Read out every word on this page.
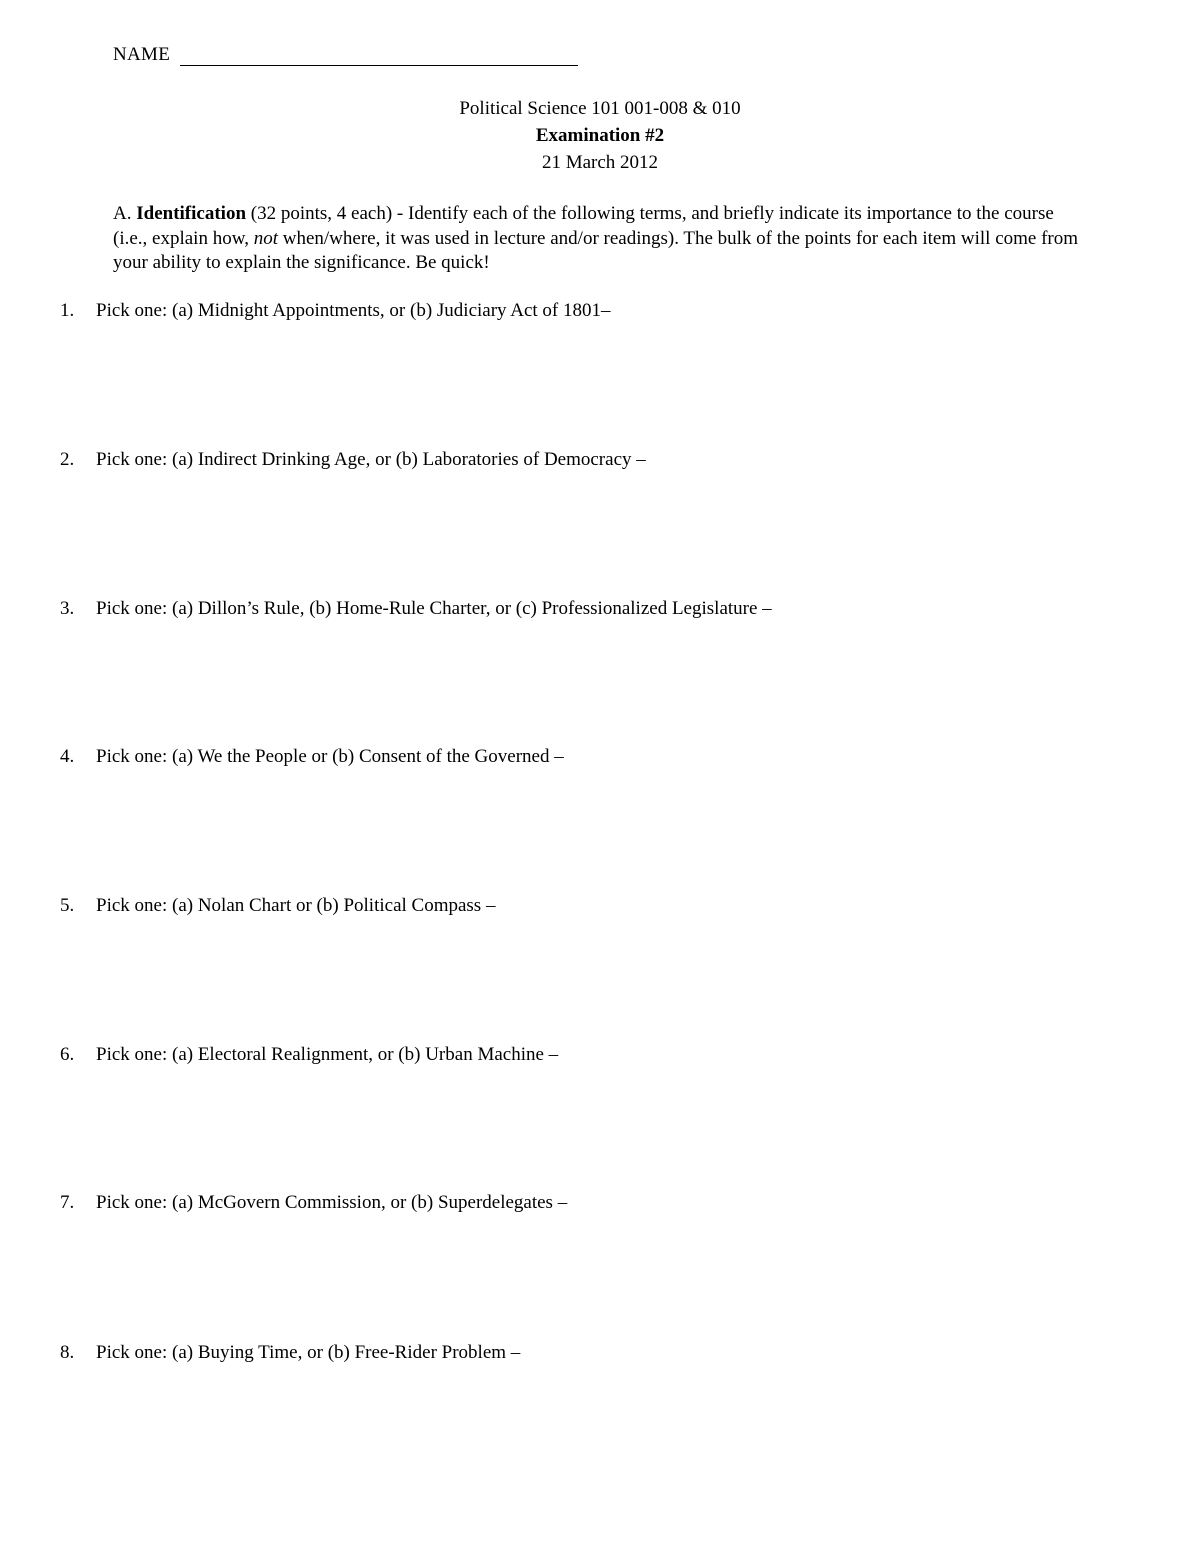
NAME
Political Science 101 001-008 & 010
Examination #2
21 March 2012
A. Identification (32 points, 4 each) - Identify each of the following terms, and briefly indicate its importance to the course (i.e., explain how, not when/where, it was used in lecture and/or readings). The bulk of the points for each item will come from your ability to explain the significance. Be quick!
1.	Pick one: (a) Midnight Appointments, or (b) Judiciary Act of 1801–
2.	Pick one: (a) Indirect Drinking Age, or (b) Laboratories of Democracy –
3.	Pick one: (a) Dillon’s Rule, (b) Home-Rule Charter, or (c) Professionalized Legislature –
4.	Pick one: (a) We the People or (b) Consent of the Governed –
5.	Pick one: (a) Nolan Chart or (b) Political Compass –
6.	Pick one: (a) Electoral Realignment, or (b) Urban Machine –
7.	Pick one: (a) McGovern Commission, or (b) Superdelegates –
8.	Pick one: (a) Buying Time, or (b) Free-Rider Problem –
